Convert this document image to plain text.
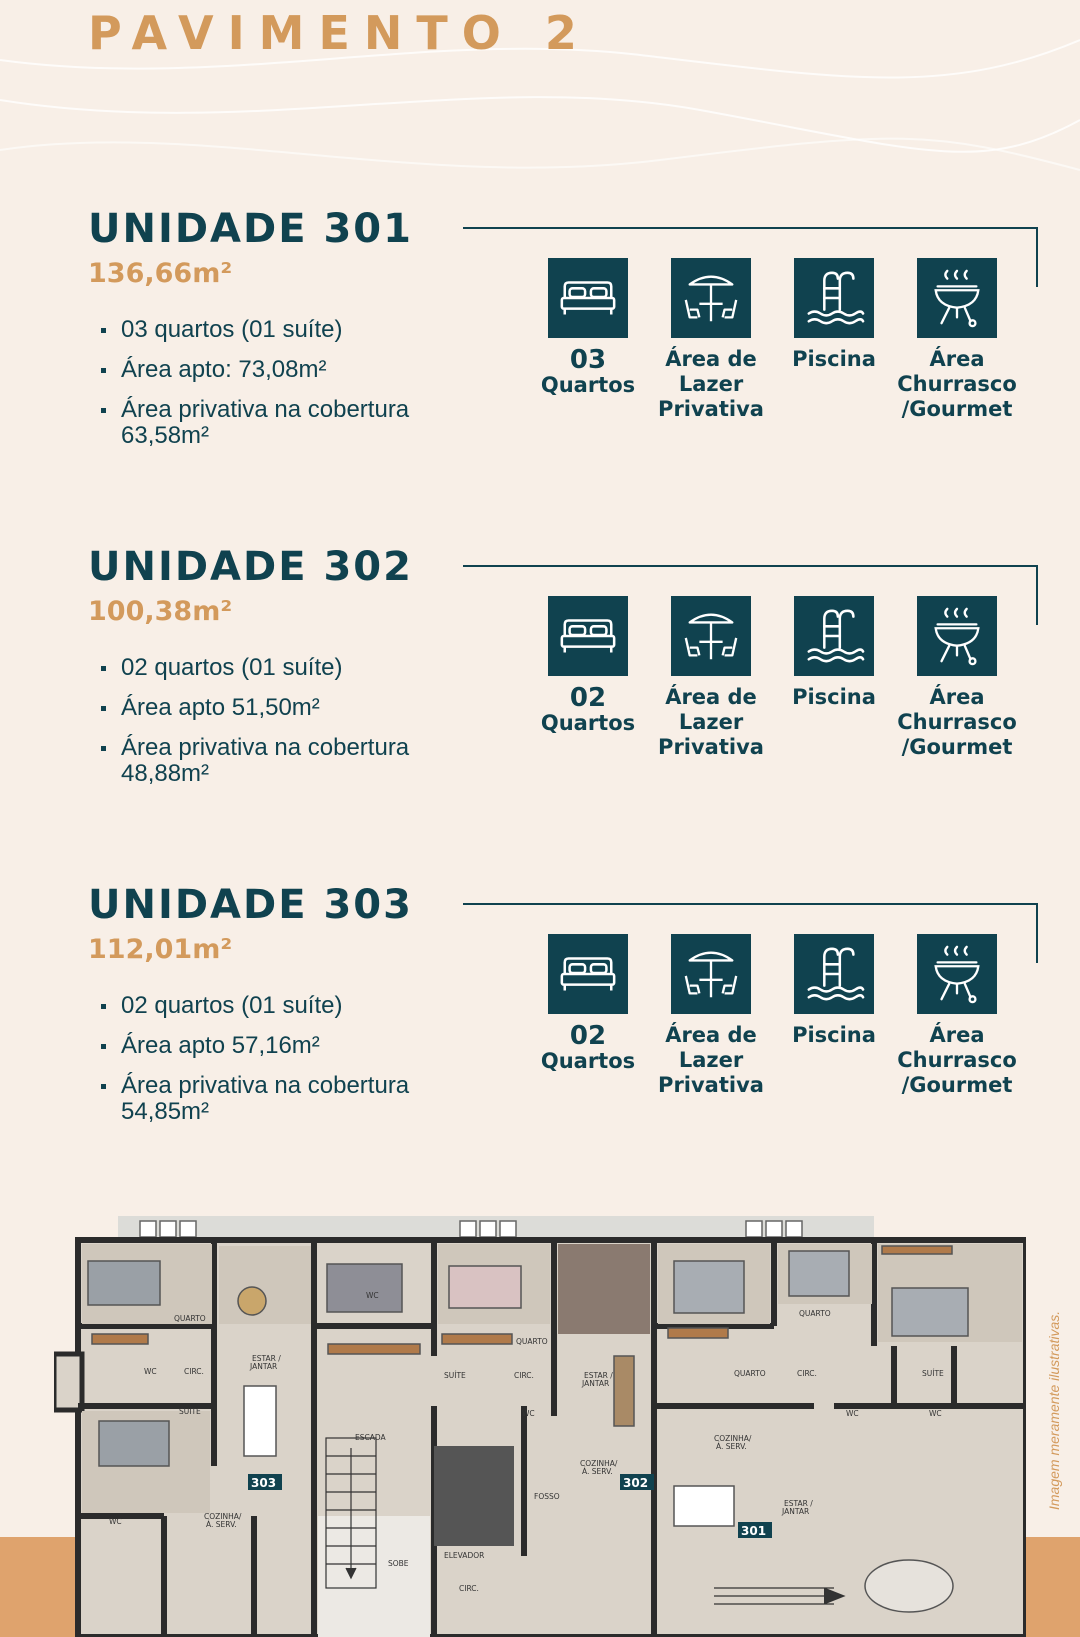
PAVIMENTO 2
UNIDADE 301

136,66m²

03 quartos (01 suíte)
Área apto: 73,08m²
Área privativa na cobertura 63,58m²
03
Quartos
Área de
Lazer
Privativa
Piscina	Área
Churrasco
/Gourmet
UNIDADE 302

100,38m²

02 quartos (01 suíte)
Área apto 51,50m²
Área privativa na cobertura 48,88m²
02
Quartos
Área de
Lazer
Privativa
Piscina	Área
Churrasco
/Gourmet
UNIDADE 303

112,01m²

02 quartos (01 suíte)
Área apto 57,16m²
Área privativa na cobertura 54,85m²
02
Quartos
Área de
Lazer
Privativa
Piscina	Área
Churrasco
/Gourmet
QUARTO
WC	CIRC.
ESTAR /
JANTAR
SUÍTE
WC
COZINHA/
Á. SERV.
ESCADA
SOBE
ELEVADOR
FOSSO
CIRC.
QUARTO
SUÍTE	CIRC.	ESTAR /
JANTAR
WC
COZINHA/
Á. SERV.
WC
QUARTO	CIRC.
QUARTO
SUÍTE
WC	WC
COZINHA/
Á. SERV.
ESTAR /
JANTAR
303	302
301
Imagem meramente ilustrativas.
